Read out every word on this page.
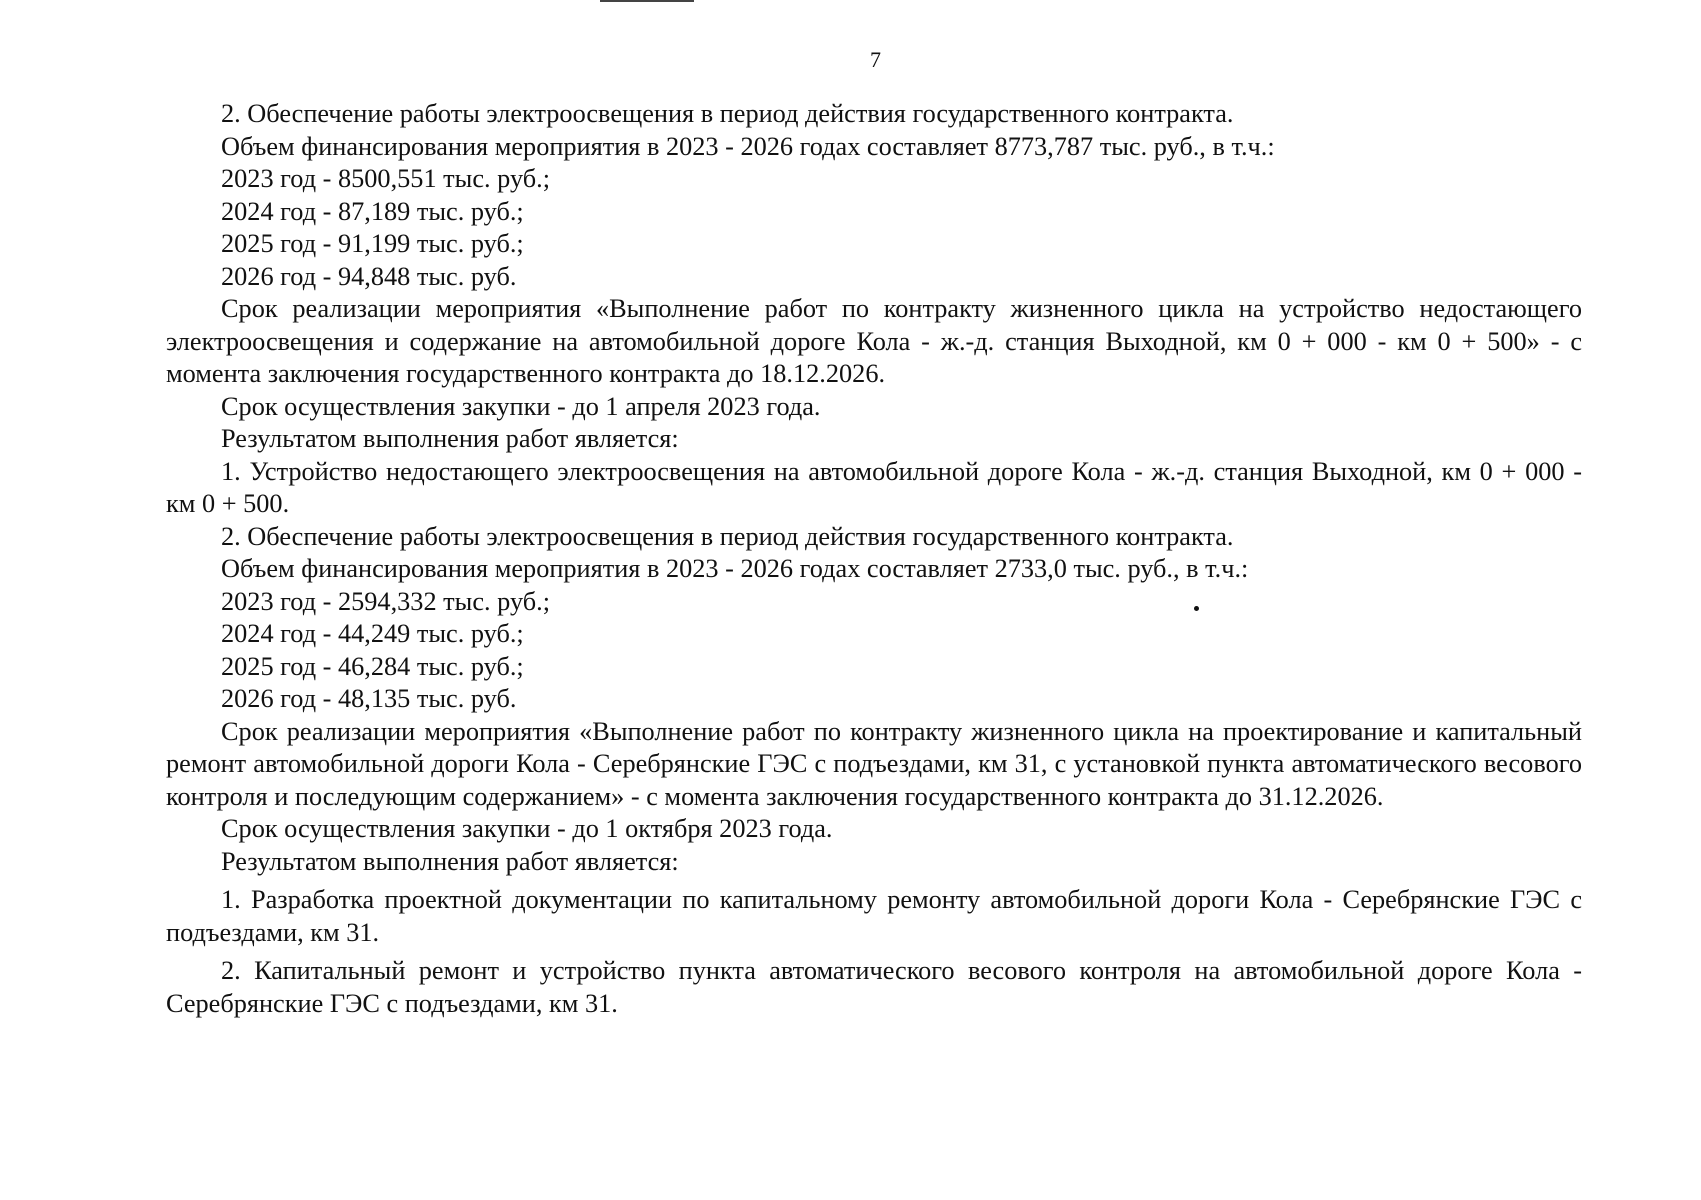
7

2. Обеспечение работы электроосвещения в период действия государственного контракта.

Объем финансирования мероприятия в 2023 - 2026 годах составляет 8773,787 тыс. руб., в т.ч.:

2023 год - 8500,551 тыс. руб.;

2024 год - 87,189 тыс. руб.;

2025 год - 91,199 тыс. руб.;

2026 год - 94,848 тыс. руб.

Срок реализации мероприятия «Выполнение работ по контракту жизненного цикла на устройство недостающего электроосвещения и содержание на автомобильной дороге Кола - ж.-д. станция Выходной, км 0 + 000 - км 0 + 500» - с момента заключения государственного контракта до 18.12.2026.

Срок осуществления закупки - до 1 апреля 2023 года.

Результатом выполнения работ является:

1. Устройство недостающего электроосвещения на автомобильной дороге Кола - ж.-д. станция Выходной, км 0 + 000 - км 0 + 500.

2. Обеспечение работы электроосвещения в период действия государственного контракта.

Объем финансирования мероприятия в 2023 - 2026 годах составляет 2733,0 тыс. руб., в т.ч.:

2023 год - 2594,332 тыс. руб.;

2024 год - 44,249 тыс. руб.;

2025 год - 46,284 тыс. руб.;

2026 год - 48,135 тыс. руб.

Срок реализации мероприятия «Выполнение работ по контракту жизненного цикла на проектирование и капитальный ремонт автомобильной дороги Кола - Серебрянские ГЭС с подъездами, км 31, с установкой пункта автоматического весового контроля и последующим содержанием» - с момента заключения государственного контракта до 31.12.2026.

Срок осуществления закупки - до 1 октября 2023 года.

Результатом выполнения работ является:

1. Разработка проектной документации по капитальному ремонту автомобильной дороги Кола - Серебрянские ГЭС с подъездами, км 31.

2. Капитальный ремонт и устройство пункта автоматического весового контроля на автомобильной дороге Кола - Серебрянские ГЭС с подъездами, км 31.
